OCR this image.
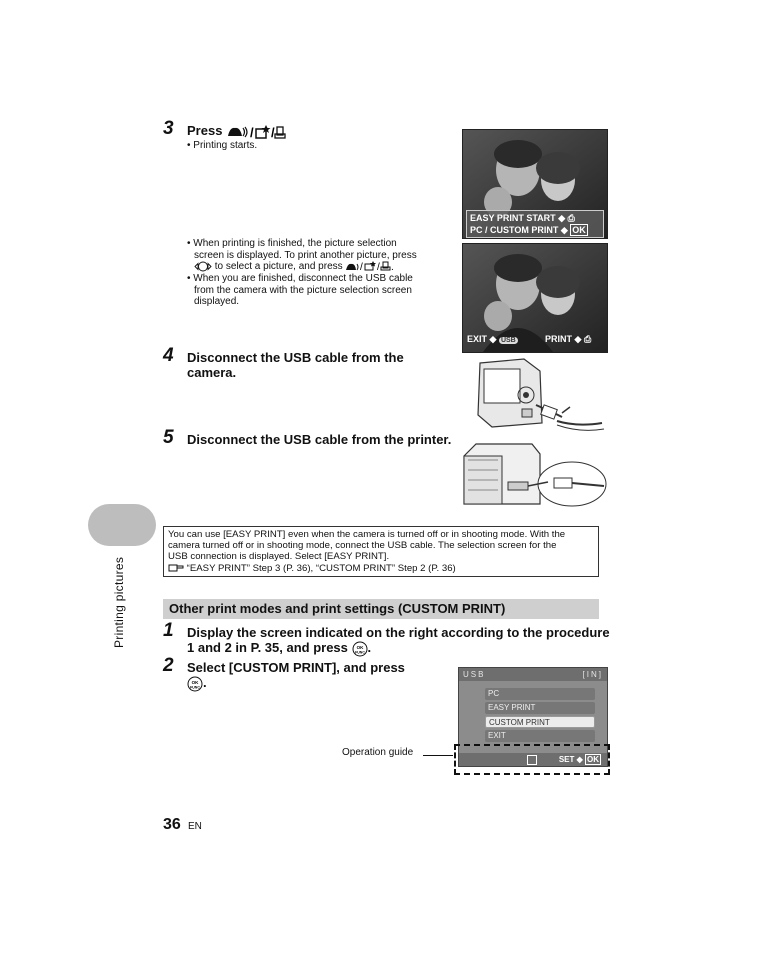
3 Press / /
• Printing starts.
• When printing is finished, the picture selection
screen is displayed. To print another picture, press
to select a picture, and press / / .
• When you are finished, disconnect the USB cable
from the camera with the picture selection screen
displayed.
EASY PRINT START ◆ ⎙
PC / CUSTOM PRINT ◆ OK
EXIT ◆ USB	PRINT ◆ ⎙
4 Disconnect the USB cable from the
camera.
5 Disconnect the USB cable from the printer.
Printing pictures
You can use [EASY PRINT] even when the camera is turned off or in shooting mode. With the
camera turned off or in shooting mode, connect the USB cable. The selection screen for the
USB connection is displayed. Select [EASY PRINT].
“EASY PRINT” Step 3 (P. 36), “CUSTOM PRINT” Step 2 (P. 36)
Other print modes and print settings (CUSTOM PRINT)
1 Display the screen indicated on the right according to the procedure
1 and 2 in P. 35, and press OK
FUNC .
2 Select [CUSTOM PRINT], and press
OK
FUNC .
USB	[IN]
PC
EASY PRINT
CUSTOM PRINT
EXIT
SET ◆ OK
Operation guide
36 EN
